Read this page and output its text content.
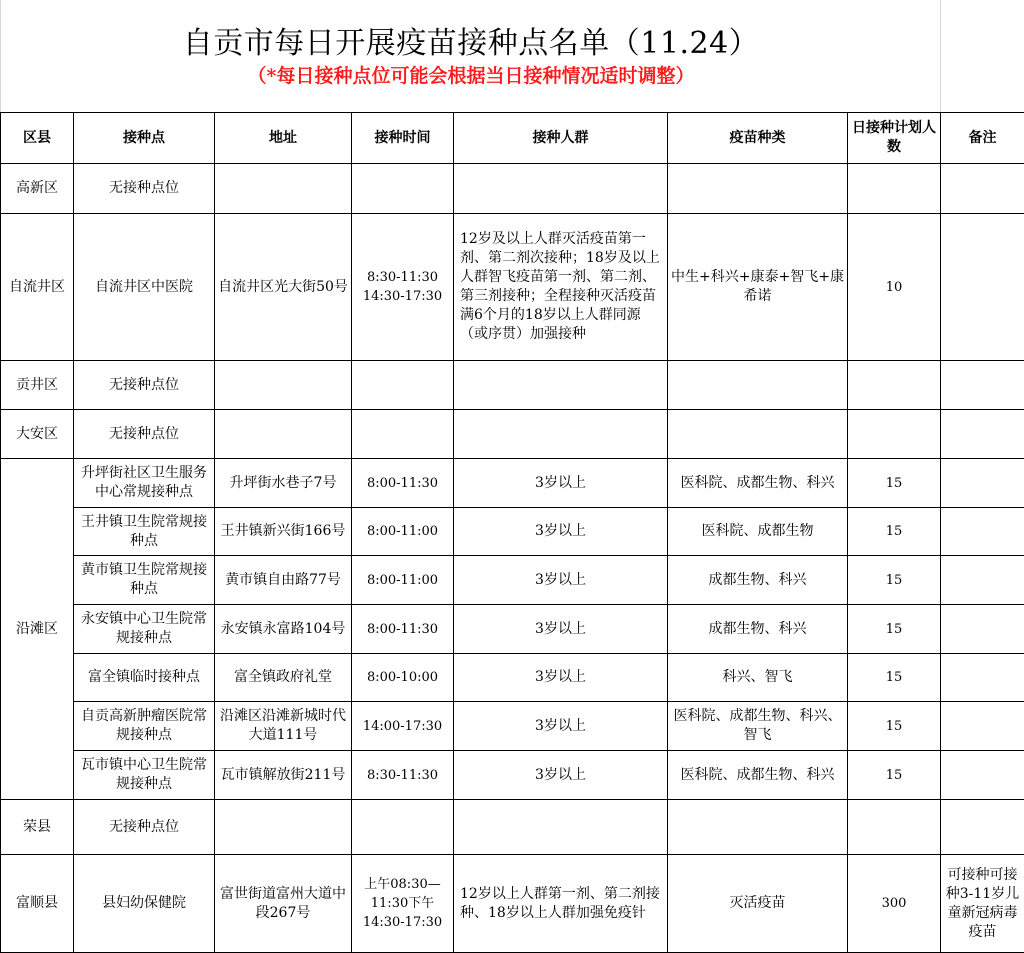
自贡市每日开展疫苗接种点名单（11.24）
（*每日接种点位可能会根据当日接种情况适时调整）
区县	接种点	地址	接种时间	接种人群	疫苗种类	日接种计划人数	备注
高新区	无接种点位						
自流井区	自流井区中医院	自流井区光大街50号	8:30-11:30 14:30-17:30	12岁及以上人群灭活疫苗第一剂、第二剂次接种；18岁及以上人群智飞疫苗第一剂、第二剂、第三剂接种；全程接种灭活疫苗满6个月的18岁以上人群同源（或序贯）加强接种	中生+科兴+康泰+智飞+康希诺	10	
贡井区	无接种点位						
大安区	无接种点位						
沿滩区	升坪街社区卫生服务中心常规接种点	升坪街水巷子7号	8:00-11:30	3岁以上	医科院、成都生物、科兴	15	
	王井镇卫生院常规接种点	王井镇新兴街166号	8:00-11:00	3岁以上	医科院、成都生物	15	
	黄市镇卫生院常规接种点	黄市镇自由路77号	8:00-11:00	3岁以上	成都生物、科兴	15	
	永安镇中心卫生院常规接种点	永安镇永富路104号	8:00-11:30	3岁以上	成都生物、科兴	15	
	富全镇临时接种点	富全镇政府礼堂	8:00-10:00	3岁以上	科兴、智飞	15	
	自贡高新肿瘤医院常规接种点	沿滩区沿滩新城时代大道111号	14:00-17:30	3岁以上	医科院、成都生物、科兴、智飞	15	
	瓦市镇中心卫生院常规接种点	瓦市镇解放街211号	8:30-11:30	3岁以上	医科院、成都生物、科兴	15	
荣县	无接种点位						
富顺县	县妇幼保健院	富世街道富州大道中段267号	上午08:30—11:30下午14:30-17:30	12岁以上人群第一剂、第二剂接种、18岁以上人群加强免疫针	灭活疫苗	300	可接种可接种3-11岁儿童新冠病毒疫苗
